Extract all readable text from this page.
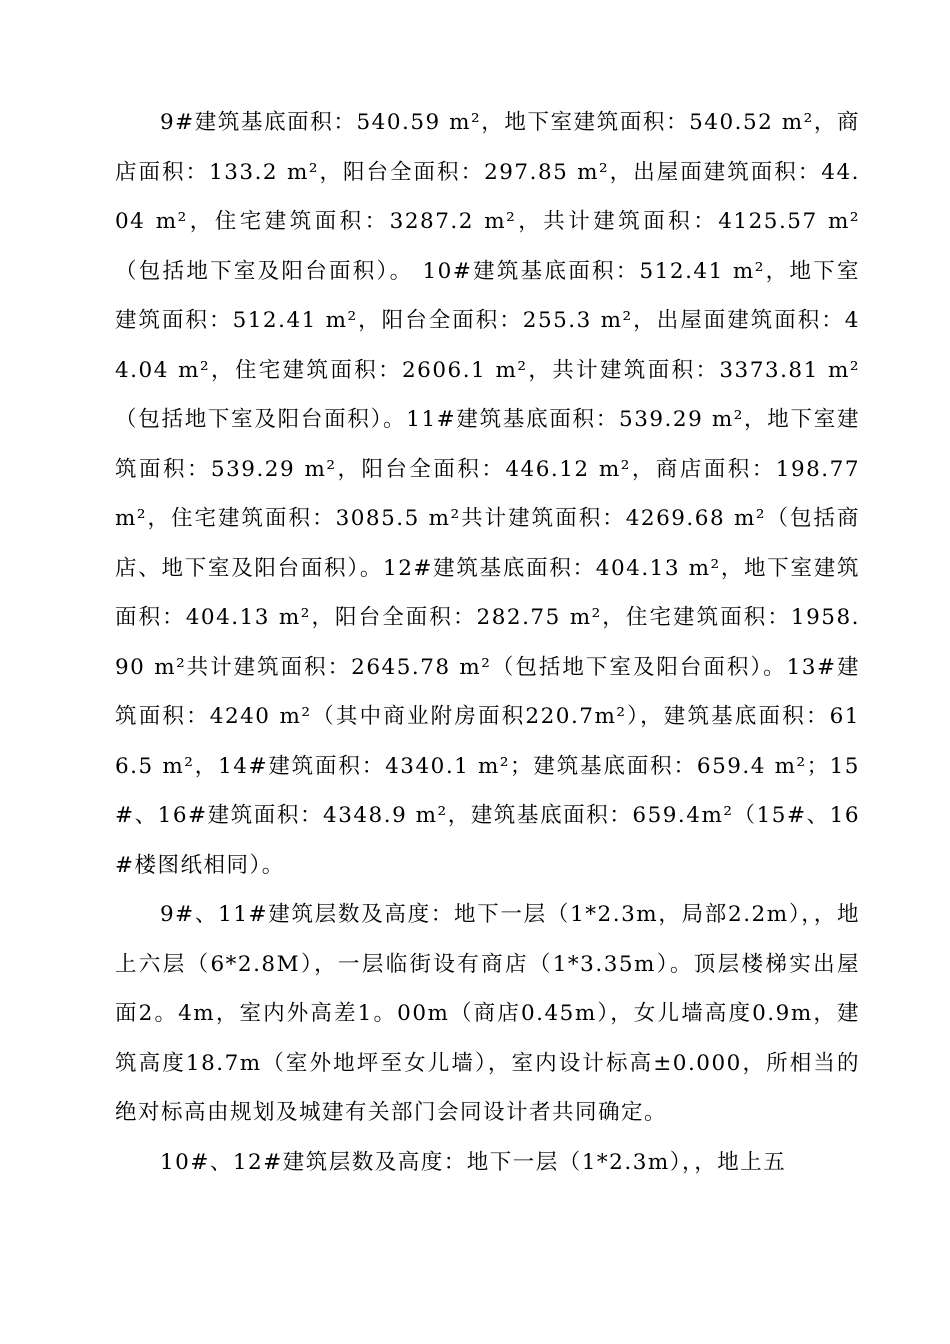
9#建筑基底面积：540.59 m²，地下室建筑面积：540.52 m²，商店面积：133.2 m²，阳台全面积：297.85 m²，出屋面建筑面积：44.04 m²，住宅建筑面积：3287.2 m²，共计建筑面积：4125.57 m²（包括地下室及阳台面积）。 10#建筑基底面积：512.41 m²，地下室建筑面积：512.41 m²，阳台全面积：255.3 m²，出屋面建筑面积：44.04 m²，住宅建筑面积：2606.1 m²，共计建筑面积：3373.81 m²（包括地下室及阳台面积）。11#建筑基底面积：539.29 m²，地下室建筑面积：539.29 m²，阳台全面积：446.12 m²，商店面积：198.77 m²，住宅建筑面积：3085.5 m²共计建筑面积：4269.68 m²（包括商店、地下室及阳台面积）。12#建筑基底面积：404.13 m²，地下室建筑面积：404.13 m²，阳台全面积：282.75 m²，住宅建筑面积：1958.90 m²共计建筑面积：2645.78 m²（包括地下室及阳台面积）。13#建筑面积：4240 m²（其中商业附房面积220.7m²），建筑基底面积：616.5 m²，14#建筑面积：4340.1 m²；建筑基底面积：659.4 m²；15#、16#建筑面积：4348.9 m²，建筑基底面积：659.4m²（15#、16#楼图纸相同）。

9#、11#建筑层数及高度：地下一层（1*2.3m，局部2.2m），，地上六层（6*2.8M），一层临街设有商店（1*3.35m）。顶层楼梯实出屋面2。4m，室内外高差1。00m（商店0.45m），女儿墙高度0.9m，建筑高度18.7m（室外地坪至女儿墙），室内设计标高±0.000，所相当的绝对标高由规划及城建有关部门会同设计者共同确定。

10#、12#建筑层数及高度：地下一层（1*2.3m），，地上五
